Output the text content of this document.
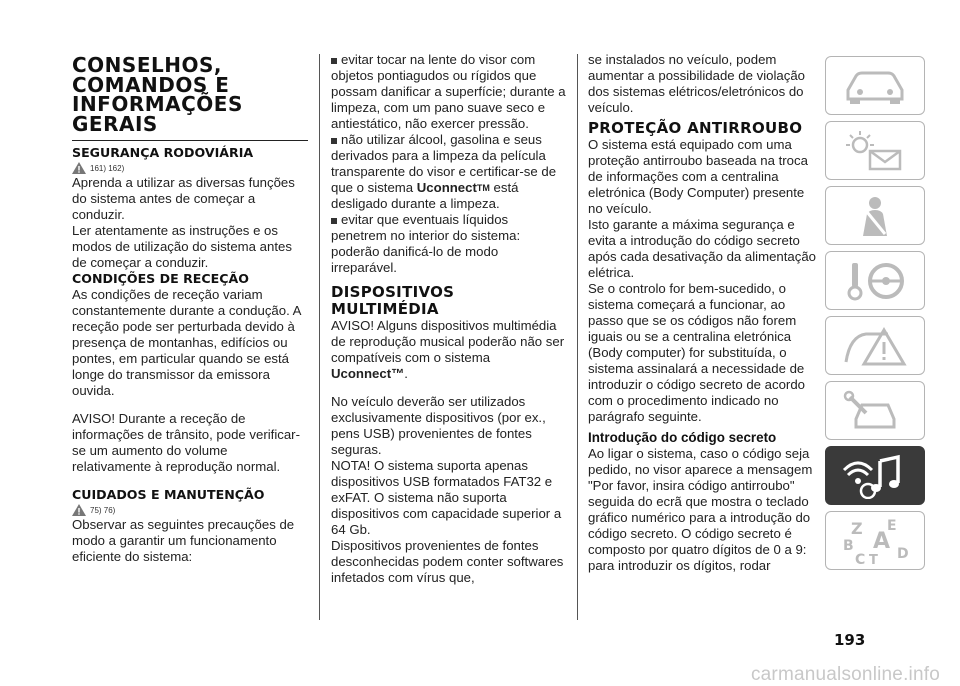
CONSELHOS,
COMANDOS E
INFORMAÇÕES
GERAIS
SEGURANÇA RODOVIÁRIA
161) 162)

Aprenda a utilizar as diversas funções do sistema antes de começar a conduzir.

Ler atentamente as instruções e os modos de utilização do sistema antes de começar a conduzir.

CONDIÇÕES DE RECEÇÃO

As condições de receção variam constantemente durante a condução. A receção pode ser perturbada devido à presença de montanhas, edifícios ou pontes, em particular quando se está longe do transmissor da emissora ouvida.

AVISO! Durante a receção de informações de trânsito, pode verificar-se um aumento do volume relativamente à reprodução normal.

CUIDADOS E MANUTENÇÃO
75) 76)

Observar as seguintes precauções de modo a garantir um funcionamento eficiente do sistema:

evitar tocar na lente do visor com objetos pontiagudos ou rígidos que possam danificar a superfície; durante a limpeza, com um pano suave seco e antiestático, não exercer pressão.

não utilizar álcool, gasolina e seus derivados para a limpeza da película transparente do visor e certificar-se de que o sistema Uconnect™ está desligado durante a limpeza.

evitar que eventuais líquidos penetrem no interior do sistema: poderão danificá-lo de modo irreparável.

DISPOSITIVOS
MULTIMÉDIA

AVISO! Alguns dispositivos multimédia de reprodução musical poderão não ser compatíveis com o sistema Uconnect™.

No veículo deverão ser utilizados exclusivamente dispositivos (por ex., pens USB) provenientes de fontes seguras.

NOTA! O sistema suporta apenas dispositivos USB formatados FAT32 e exFAT. O sistema não suporta dispositivos com capacidade superior a 64 Gb.

Dispositivos provenientes de fontes desconhecidas podem conter softwares infetados com vírus que,

se instalados no veículo, podem aumentar a possibilidade de violação dos sistemas elétricos/eletrónicos do veículo.

PROTEÇÃO ANTIRROUBO

O sistema está equipado com uma proteção antirroubo baseada na troca de informações com a centralina eletrónica (Body Computer) presente no veículo.

Isto garante a máxima segurança e evita a introdução do código secreto após cada desativação da alimentação elétrica.

Se o controlo for bem-sucedido, o sistema começará a funcionar, ao passo que se os códigos não forem iguais ou se a centralina eletrónica (Body computer) for substituída, o sistema assinalará a necessidade de introduzir o código secreto de acordo com o procedimento indicado no parágrafo seguinte.

Introdução do código secreto

Ao ligar o sistema, caso o código seja pedido, no visor aparece a mensagem "Por favor, insira código antirroubo" seguida do ecrã que mostra o teclado gráfico numérico para a introdução do código secreto. O código secreto é composto por quatro dígitos de 0 a 9: para introduzir os dígitos, rodar

Z E
B A
C T D
193
carmanualsonline.info
